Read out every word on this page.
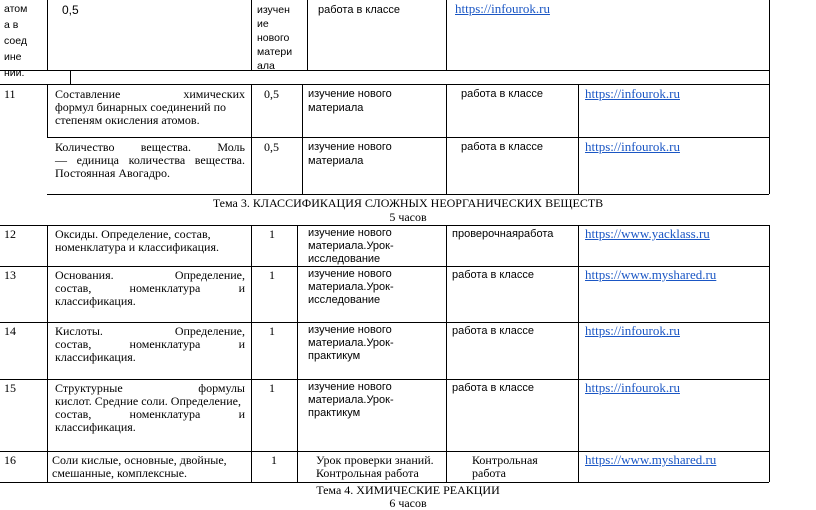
атом
а в
соед
ине
нии.
0,5	изучен
ие
нового
матери
ала
работа в классе	https://infourok.ru
11	Составление химических
формул бинарных соединений по
степеням окисления атомов.
0,5	изучение нового
материала
работа в классе	https://infourok.ru
Количество вещества. Моль
— единица количества вещества.
Постоянная Авогадро.
0,5	изучение нового
материала
работа в классе	https://infourok.ru
Тема 3. КЛАССИФИКАЦИЯ СЛОЖНЫХ НЕОРГАНИЧЕСКИХ ВЕЩЕСТВ
5 часов
12	Оксиды. Определение, состав,
номенклатура и классификация.
1	изучение нового
материала.Урок-
исследование
проверочнаяработа https://www.yacklass.ru
13	Основания. Определение,
состав, номенклатура и
классификация.
1	изучение нового
материала.Урок-
исследование
работа в классе	https://www.myshared.ru
14	Кислоты. Определение,
состав, номенклатура и
классификация.
1	изучение нового
материала.Урок-
практикум
работа в классе	https://infourok.ru
15	Структурные формулы
кислот. Средние соли. Определение,
состав, номенклатура и
классификация.
1	изучение нового
материала.Урок-
практикум
работа в классе	https://infourok.ru
16	Соли кислые, основные, двойные,
смешанные, комплексные.
1	Урок проверки знаний.
Контрольная работа
Контрольная
работа
https://www.myshared.ru
Тема 4. ХИМИЧЕСКИЕ РЕАКЦИИ
6 часов
